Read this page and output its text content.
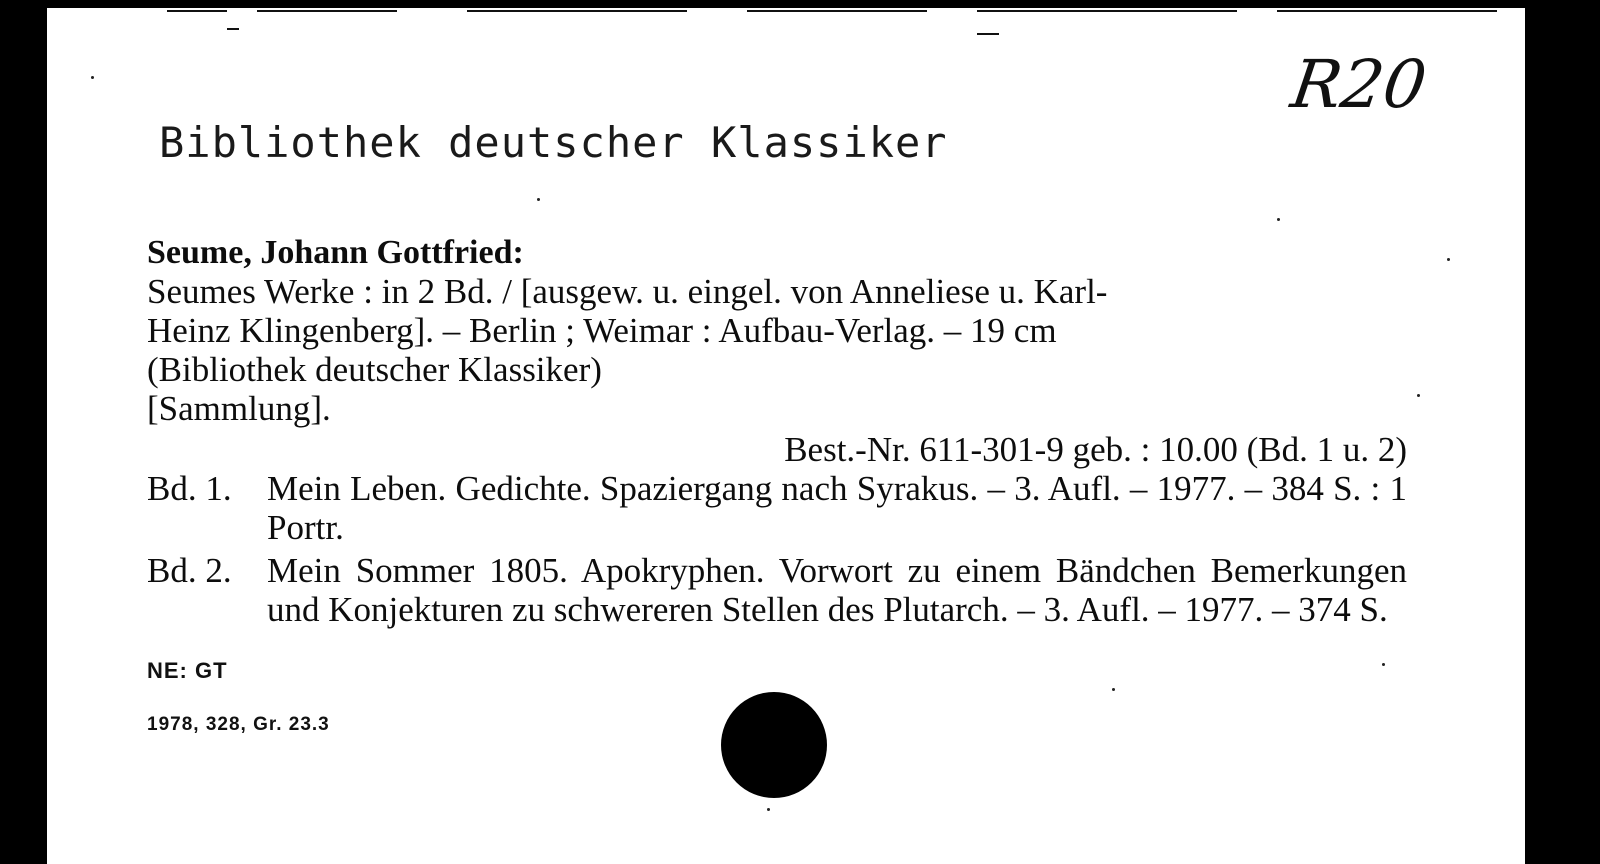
Bibliothek deutscher Klassiker
R20
Seume, Johann Gottfried:
Seumes Werke : in 2 Bd. / [ausgew. u. eingel. von Anneliese u. Karl-
Heinz Klingenberg]. – Berlin ; Weimar : Aufbau-Verlag. – 19 cm
(Bibliothek deutscher Klassiker)
[Sammlung].
Best.-Nr. 611-301-9 geb. : 10.00 (Bd. 1 u. 2)
Bd. 1.	Mein Leben. Gedichte. Spaziergang nach Syrakus. – 3. Aufl. – 1977. – 384 S. : 1 Portr.
Bd. 2.	Mein Sommer 1805. Apokryphen. Vorwort zu einem Bändchen Bemerkungen und Konjekturen zu schwereren Stellen des Plutarch. – 3. Aufl. – 1977. – 374 S.
NE: GT
1978, 328, Gr. 23.3
